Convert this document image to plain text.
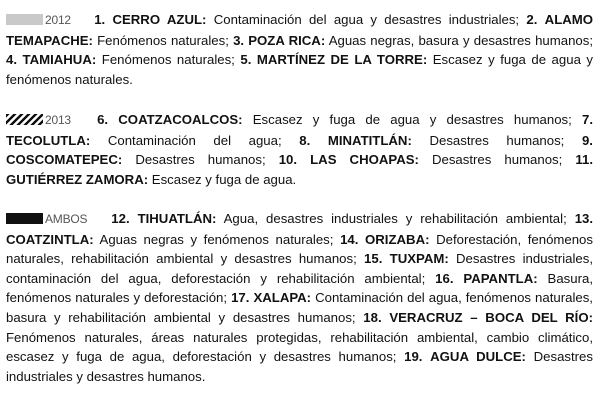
2012 1. CERRO AZUL: Contaminación del agua y desastres industriales; 2. ALAMO TEMAPACHE: Fenómenos naturales; 3. POZA RICA: Aguas negras, basura y desastres humanos; 4. TAMIAHUA: Fenómenos naturales; 5. MARTÍNEZ DE LA TORRE: Escasez y fuga de agua y fenómenos naturales.
2013 6. COATZACOALCOS: Escasez y fuga de agua y desastres humanos; 7. TECOLUTLA: Contaminación del agua; 8. MINATITLÁN: Desastres humanos; 9. COSCOMATEPEC: Desastres humanos; 10. LAS CHOAPAS: Desastres humanos; 11. GUTIÉRREZ ZAMORA: Escasez y fuga de agua.
AMBOS 12. TIHUATLÁN: Agua, desastres industriales y rehabilitación ambiental; 13. COATZINTLA: Aguas negras y fenómenos naturales; 14. ORIZABA: Deforestación, fenómenos naturales, rehabilitación ambiental y desastres humanos; 15. TUXPAM: Desastres industriales, contaminación del agua, deforestación y rehabilitación ambiental; 16. PAPANTLA: Basura, fenómenos naturales y deforestación; 17. XALAPA: Contaminación del agua, fenómenos naturales, basura y rehabilitación ambiental y desastres humanos; 18. VERACRUZ – BOCA DEL RÍO: Fenómenos naturales, áreas naturales protegidas, rehabilitación ambiental, cambio climático, escasez y fuga de agua, deforestación y desastres humanos; 19. AGUA DULCE: Desastres industriales y desastres humanos.
